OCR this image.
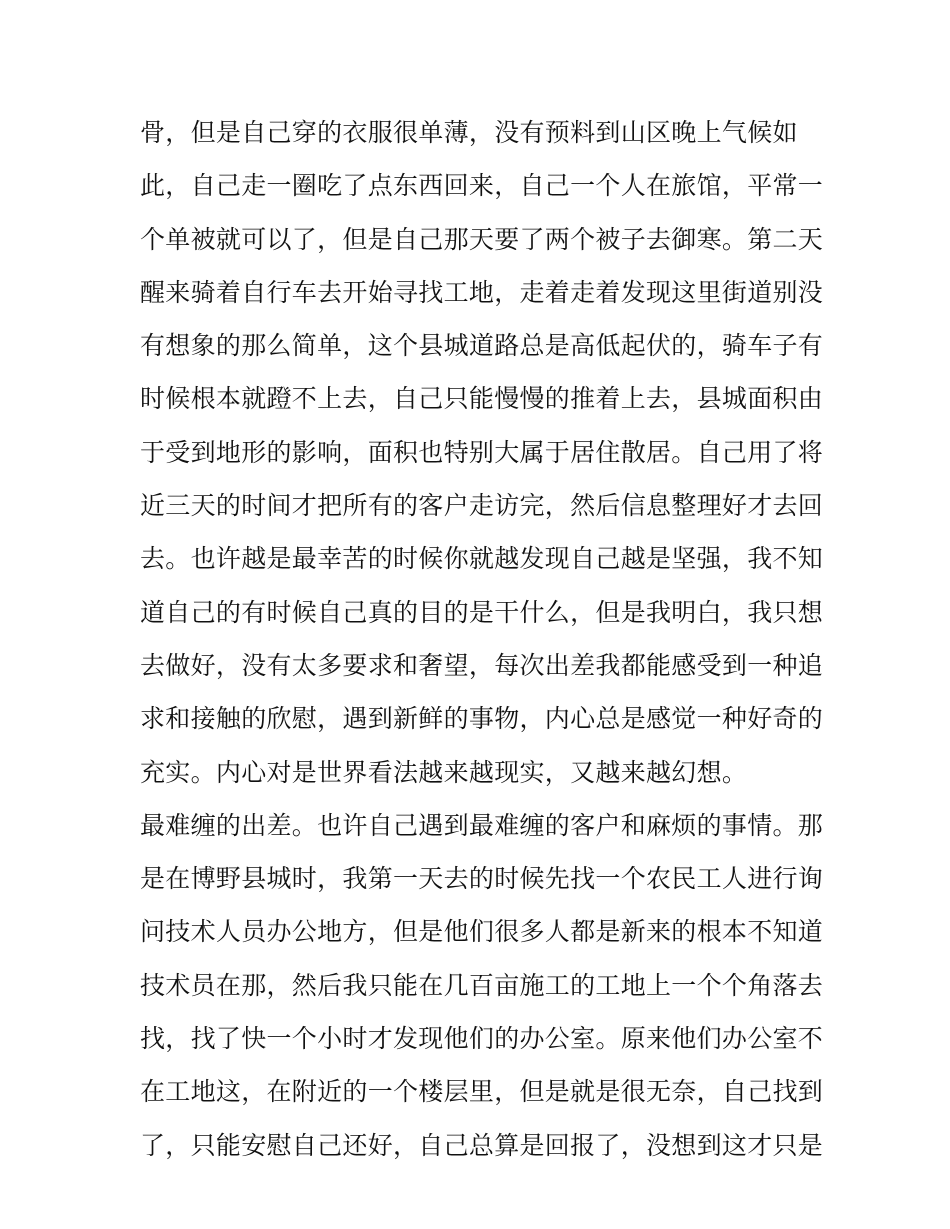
骨，但是自己穿的衣服很单薄，没有预料到山区晚上气候如
此，自己走一圈吃了点东西回来，自己一个人在旅馆，平常一
个单被就可以了，但是自己那天要了两个被子去御寒。第二天
醒来骑着自行车去开始寻找工地，走着走着发现这里街道别没
有想象的那么简单，这个县城道路总是高低起伏的，骑车子有
时候根本就蹬不上去，自己只能慢慢的推着上去，县城面积由
于受到地形的影响，面积也特别大属于居住散居。自己用了将
近三天的时间才把所有的客户走访完，然后信息整理好才去回
去。也许越是最幸苦的时候你就越发现自己越是坚强，我不知
道自己的有时候自己真的目的是干什么，但是我明白，我只想
去做好，没有太多要求和奢望，每次出差我都能感受到一种追
求和接触的欣慰，遇到新鲜的事物，内心总是感觉一种好奇的
充实。内心对是世界看法越来越现实，又越来越幻想。
最难缠的出差。也许自己遇到最难缠的客户和麻烦的事情。那
是在博野县城时，我第一天去的时候先找一个农民工人进行询
问技术人员办公地方，但是他们很多人都是新来的根本不知道
技术员在那，然后我只能在几百亩施工的工地上一个个角落去
找，找了快一个小时才发现他们的办公室。原来他们办公室不
在工地这，在附近的一个楼层里，但是就是很无奈，自己找到
了，只能安慰自己还好，自己总算是回报了，没想到这才只是
